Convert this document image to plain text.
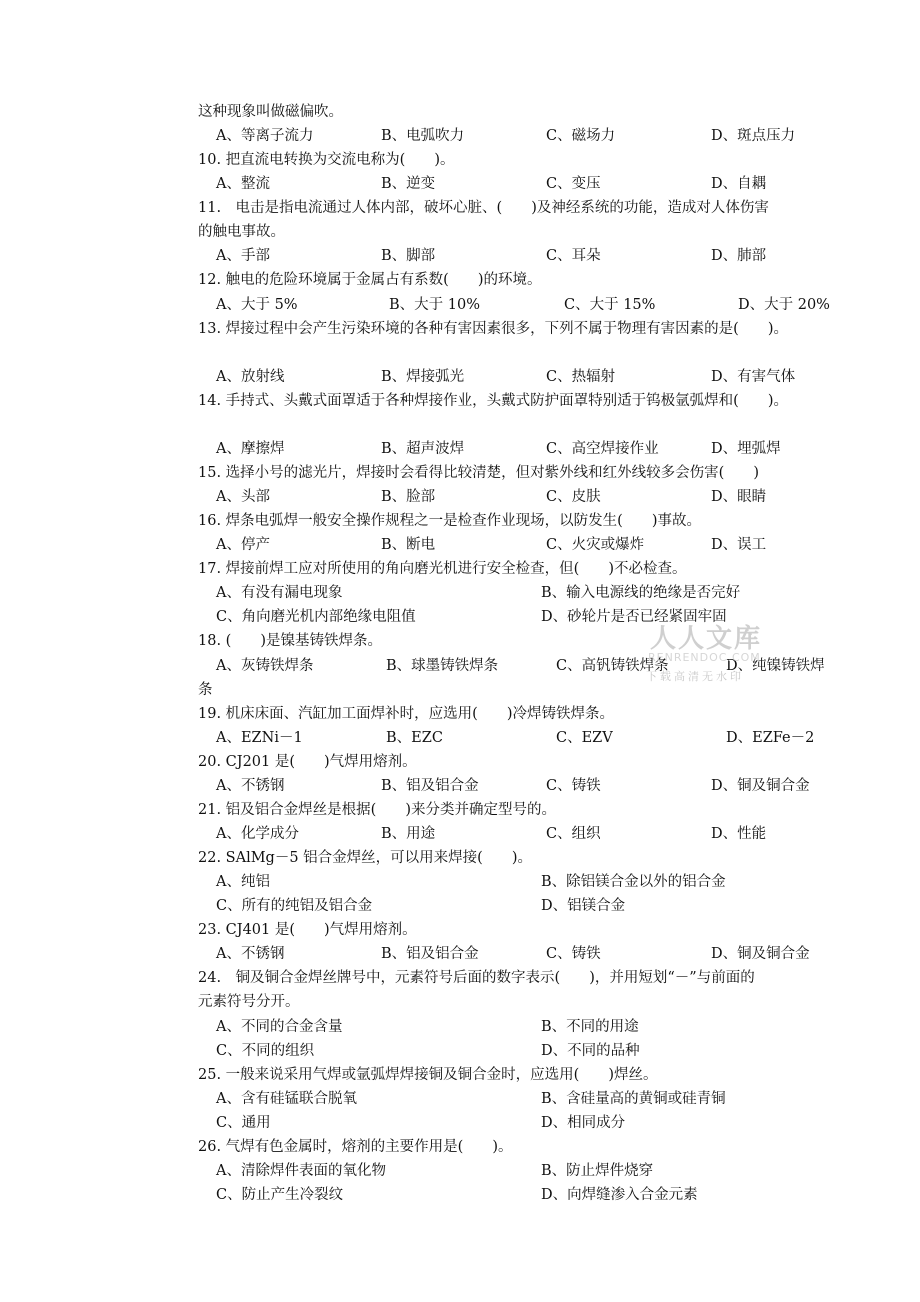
这种现象叫做磁偏吹。
A、等离子流力	B、电弧吹力	C、磁场力	D、斑点压力
10. 把直流电转换为交流电称为(　　)。
A、整流	B、逆变	C、变压	D、自耦
11.　电击是指电流通过人体内部，破坏心脏、(　　)及神经系统的功能，造成对人体伤害
的触电事故。
A、手部	B、脚部	C、耳朵	D、肺部
12. 触电的危险环境属于金属占有系数(　　)的环境。
A、大于 5%	B、大于 10%	C、大于 15%	D、大于 20%
13. 焊接过程中会产生污染环境的各种有害因素很多，下列不属于物理有害因素的是(　　)。
A、放射线	B、焊接弧光	C、热辐射	D、有害气体
14. 手持式、头戴式面罩适于各种焊接作业，头戴式防护面罩特别适于钨极氩弧焊和(　　)。
A、摩擦焊	B、超声波焊	C、高空焊接作业	D、埋弧焊
15. 选择小号的滤光片，焊接时会看得比较清楚，但对紫外线和红外线较多会伤害(　　)
A、头部	B、脸部	C、皮肤	D、眼睛
16. 焊条电弧焊一般安全操作规程之一是检查作业现场，以防发生(　　)事故。
A、停产	B、断电	C、火灾或爆炸	D、误工
17. 焊接前焊工应对所使用的角向磨光机进行安全检查，但(　　)不必检查。
A、有没有漏电现象	B、输入电源线的绝缘是否完好
C、角向磨光机内部绝缘电阻值	D、砂轮片是否已经紧固牢固
18. (　　)是镍基铸铁焊条。
A、灰铸铁焊条	B、球墨铸铁焊条	C、高钒铸铁焊条	D、纯镍铸铁焊
条
19. 机床床面、汽缸加工面焊补时，应选用(　　)冷焊铸铁焊条。
A、EZNi－1	B、EZC	C、EZV	D、EZFe－2
20. CJ201 是(　　)气焊用熔剂。
A、不锈钢	B、铝及铝合金	C、铸铁	D、铜及铜合金
21. 铝及铝合金焊丝是根据(　　)来分类并确定型号的。
A、化学成分	B、用途	C、组织	D、性能
22. SAlMg－5 铝合金焊丝，可以用来焊接(　　)。
A、纯铝	B、除铝镁合金以外的铝合金
C、所有的纯铝及铝合金	D、铝镁合金
23. CJ401 是(　　)气焊用熔剂。
A、不锈钢	B、铝及铝合金	C、铸铁	D、铜及铜合金
24.　铜及铜合金焊丝牌号中，元素符号后面的数字表示(　　)，并用短划“－”与前面的
元素符号分开。
A、不同的合金含量	B、不同的用途
C、不同的组织	D、不同的品种
25. 一般来说采用气焊或氩弧焊焊接铜及铜合金时，应选用(　　)焊丝。
A、含有硅锰联合脱氧	B、含硅量高的黄铜或硅青铜
C、通用	D、相同成分
26. 气焊有色金属时，熔剂的主要作用是(　　)。
A、清除焊件表面的氧化物	B、防止焊件烧穿
C、防止产生冷裂纹	D、向焊缝渗入合金元素
人人文库
RENRENDOC.COM
下载高清无水印
